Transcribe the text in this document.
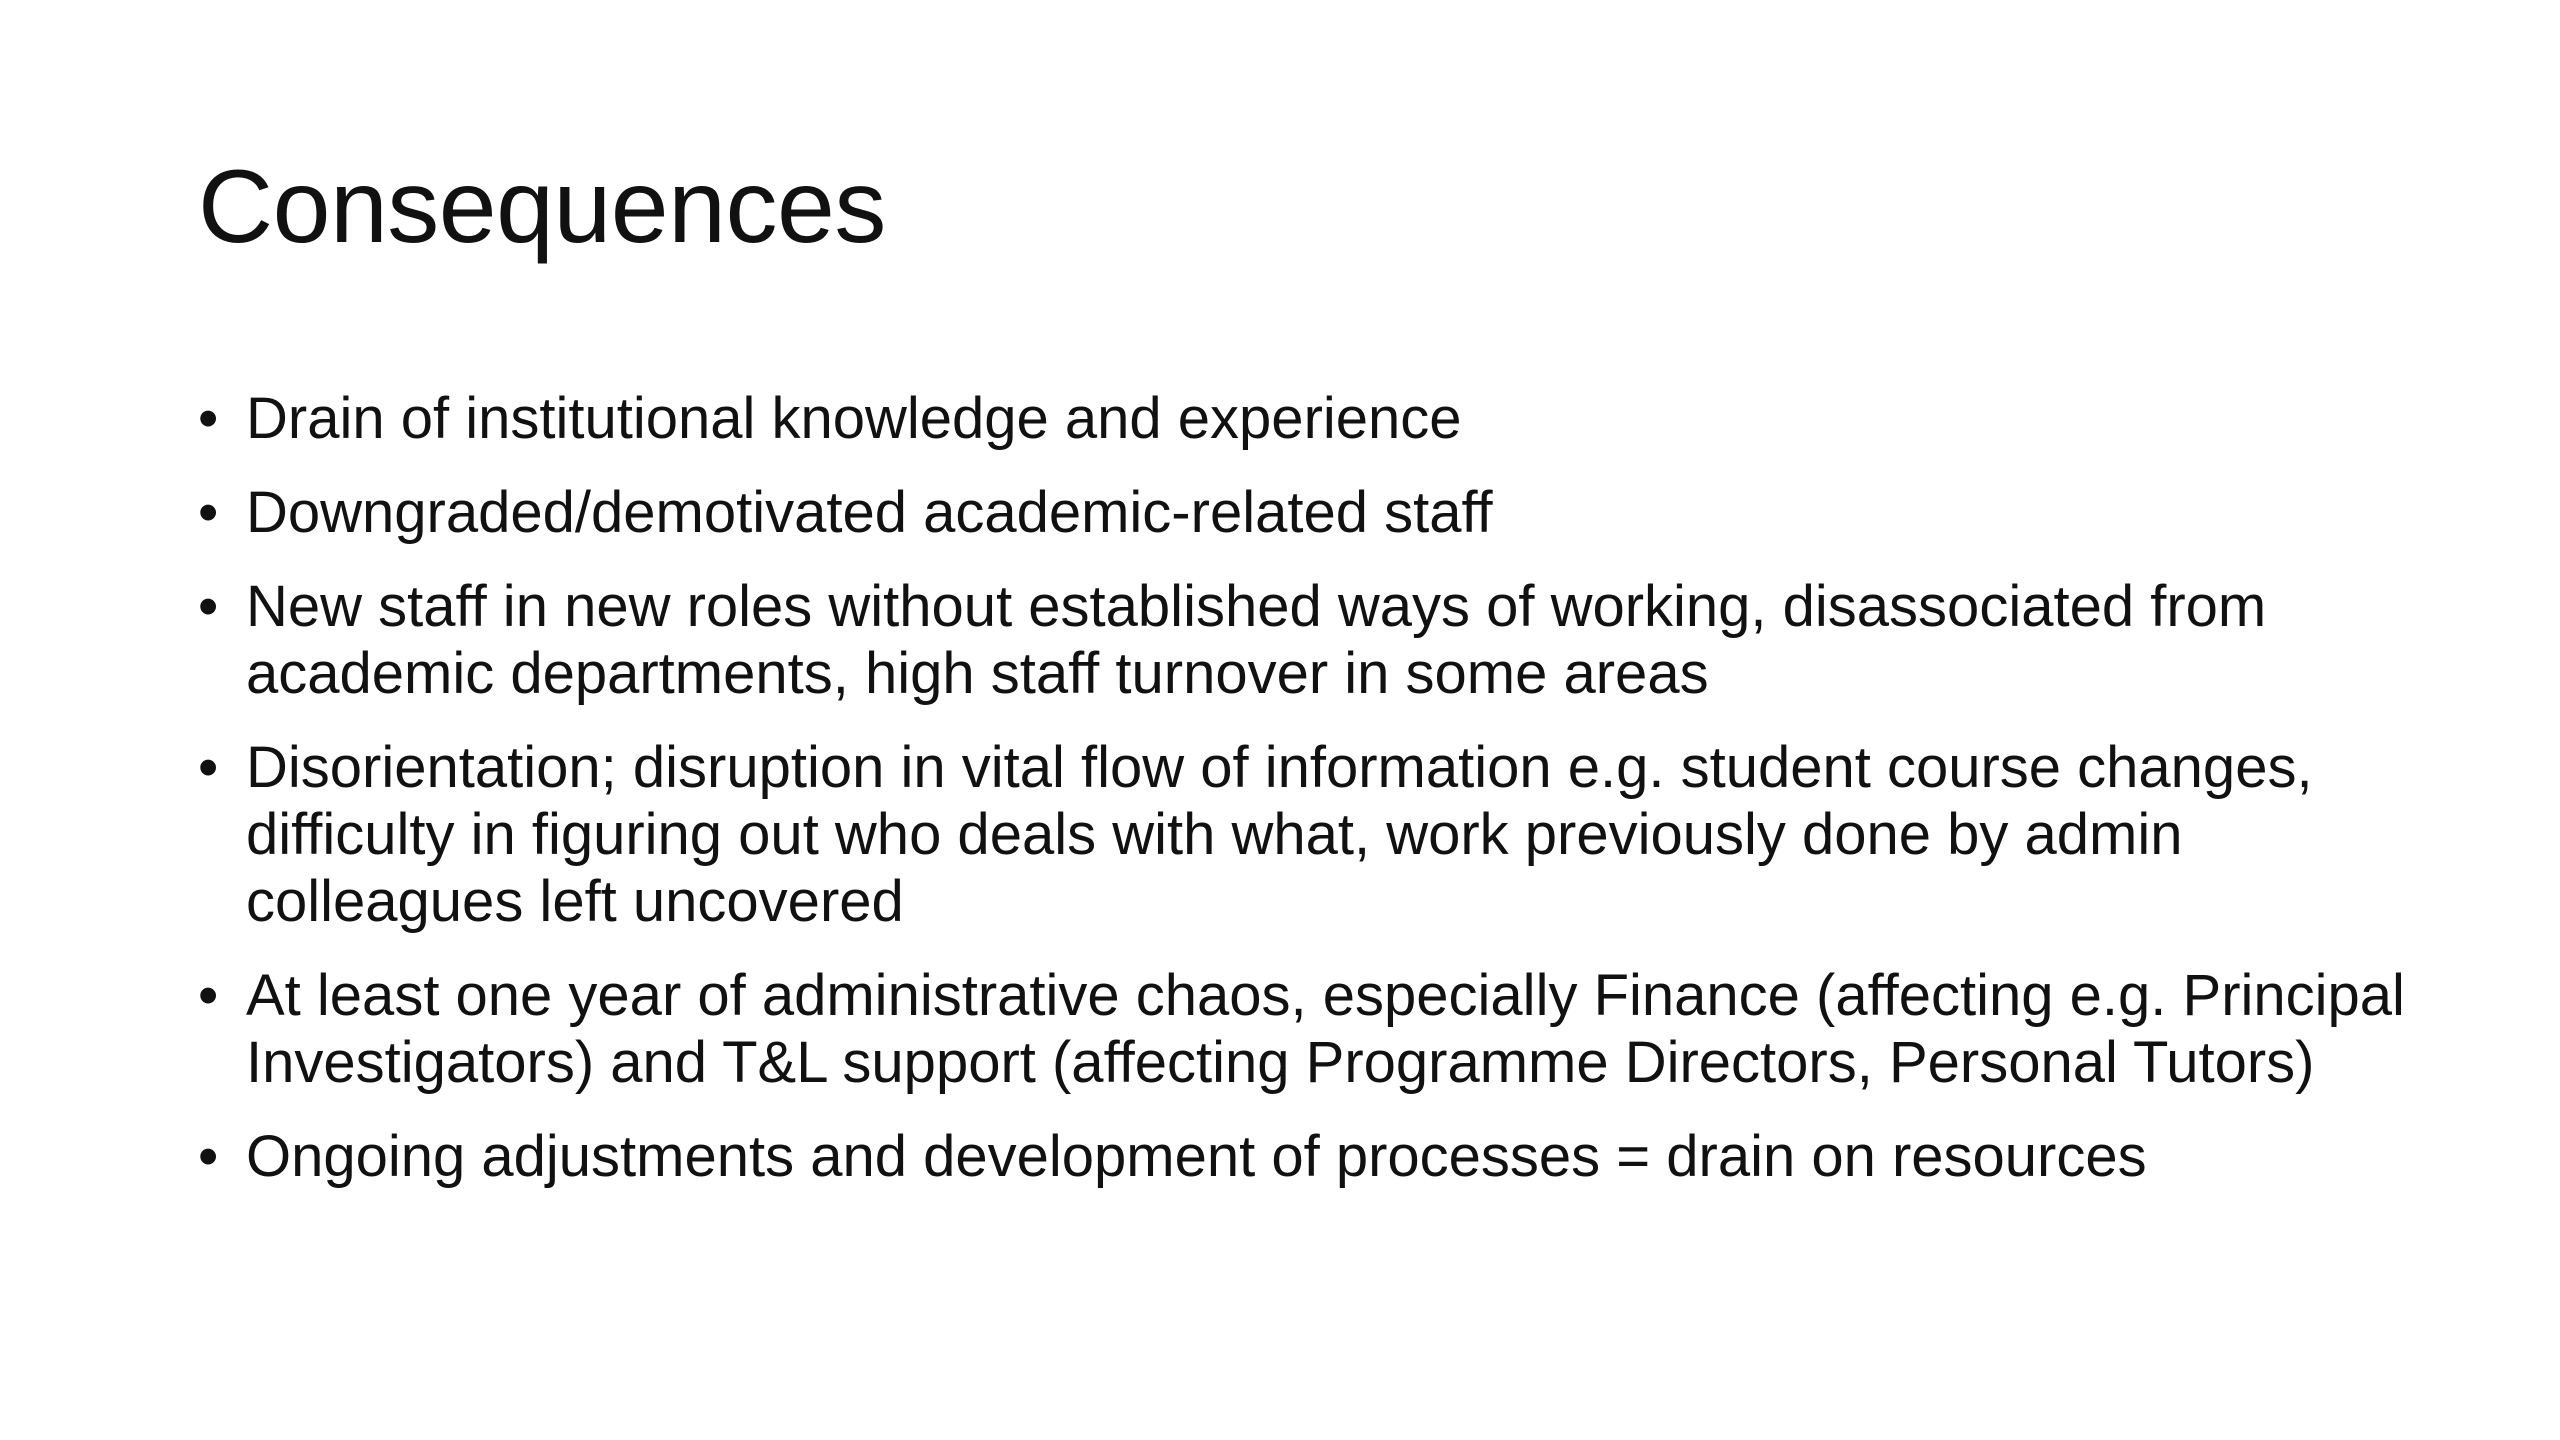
Consequences
• Drain of institutional knowledge and experience
• Downgraded/demotivated academic-related staff
• New staff in new roles without established ways of working, disassociated from academic departments, high staff turnover in some areas
• Disorientation; disruption in vital flow of information e.g. student course changes, difficulty in figuring out who deals with what, work previously done by admin colleagues left uncovered
• At least one year of administrative chaos, especially Finance (affecting e.g. Principal Investigators) and T&L support (affecting Programme Directors, Personal Tutors)
• Ongoing adjustments and development of processes = drain on resources
